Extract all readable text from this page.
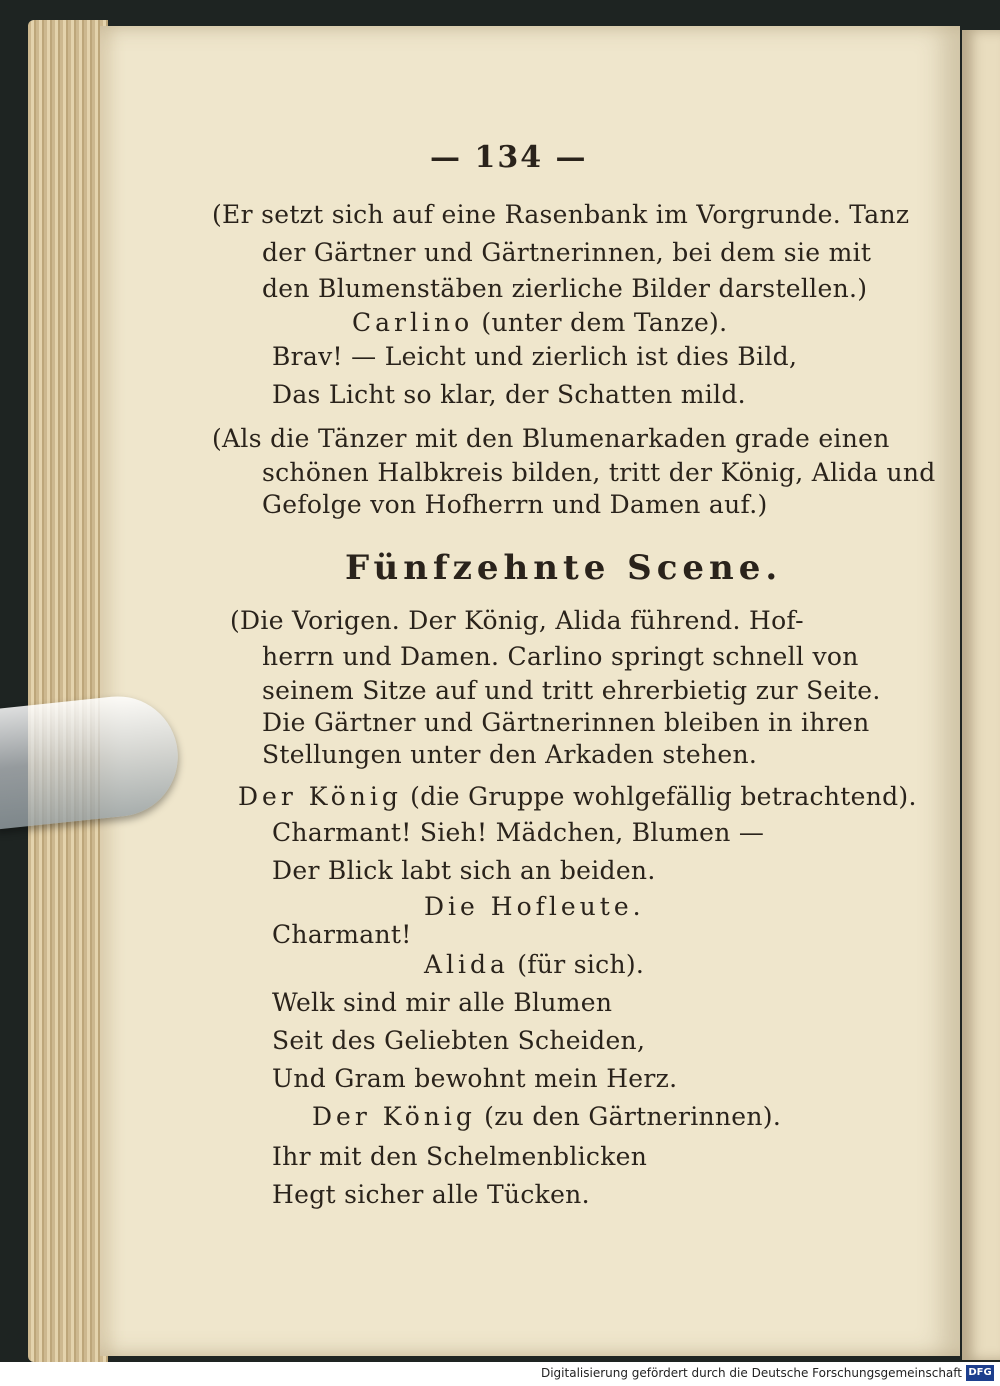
— 134 —
(Er setzt sich auf eine Rasenbank im Vorgrunde. Tanz
der Gärtner und Gärtnerinnen, bei dem sie mit
den Blumenstäben zierliche Bilder darstellen.)
Carlino (unter dem Tanze).
Brav! — Leicht und zierlich ist dies Bild,
Das Licht so klar, der Schatten mild.
(Als die Tänzer mit den Blumenarkaden grade einen
schönen Halbkreis bilden, tritt der König, Alida und
Gefolge von Hofherrn und Damen auf.)
Fünfzehnte Scene.
(Die Vorigen. Der König, Alida führend. Hof-
herrn und Damen. Carlino springt schnell von
seinem Sitze auf und tritt ehrerbietig zur Seite.
Die Gärtner und Gärtnerinnen bleiben in ihren
Stellungen unter den Arkaden stehen.
Der König (die Gruppe wohlgefällig betrachtend).
Charmant! Sieh! Mädchen, Blumen —
Der Blick labt sich an beiden.
Die Hofleute.
Charmant!
Alida (für sich).
Welk sind mir alle Blumen
Seit des Geliebten Scheiden,
Und Gram bewohnt mein Herz.
Der König (zu den Gärtnerinnen).
Ihr mit den Schelmenblicken
Hegt sicher alle Tücken.
Digitalisierung gefördert durch die Deutsche Forschungsgemeinschaft DFG
